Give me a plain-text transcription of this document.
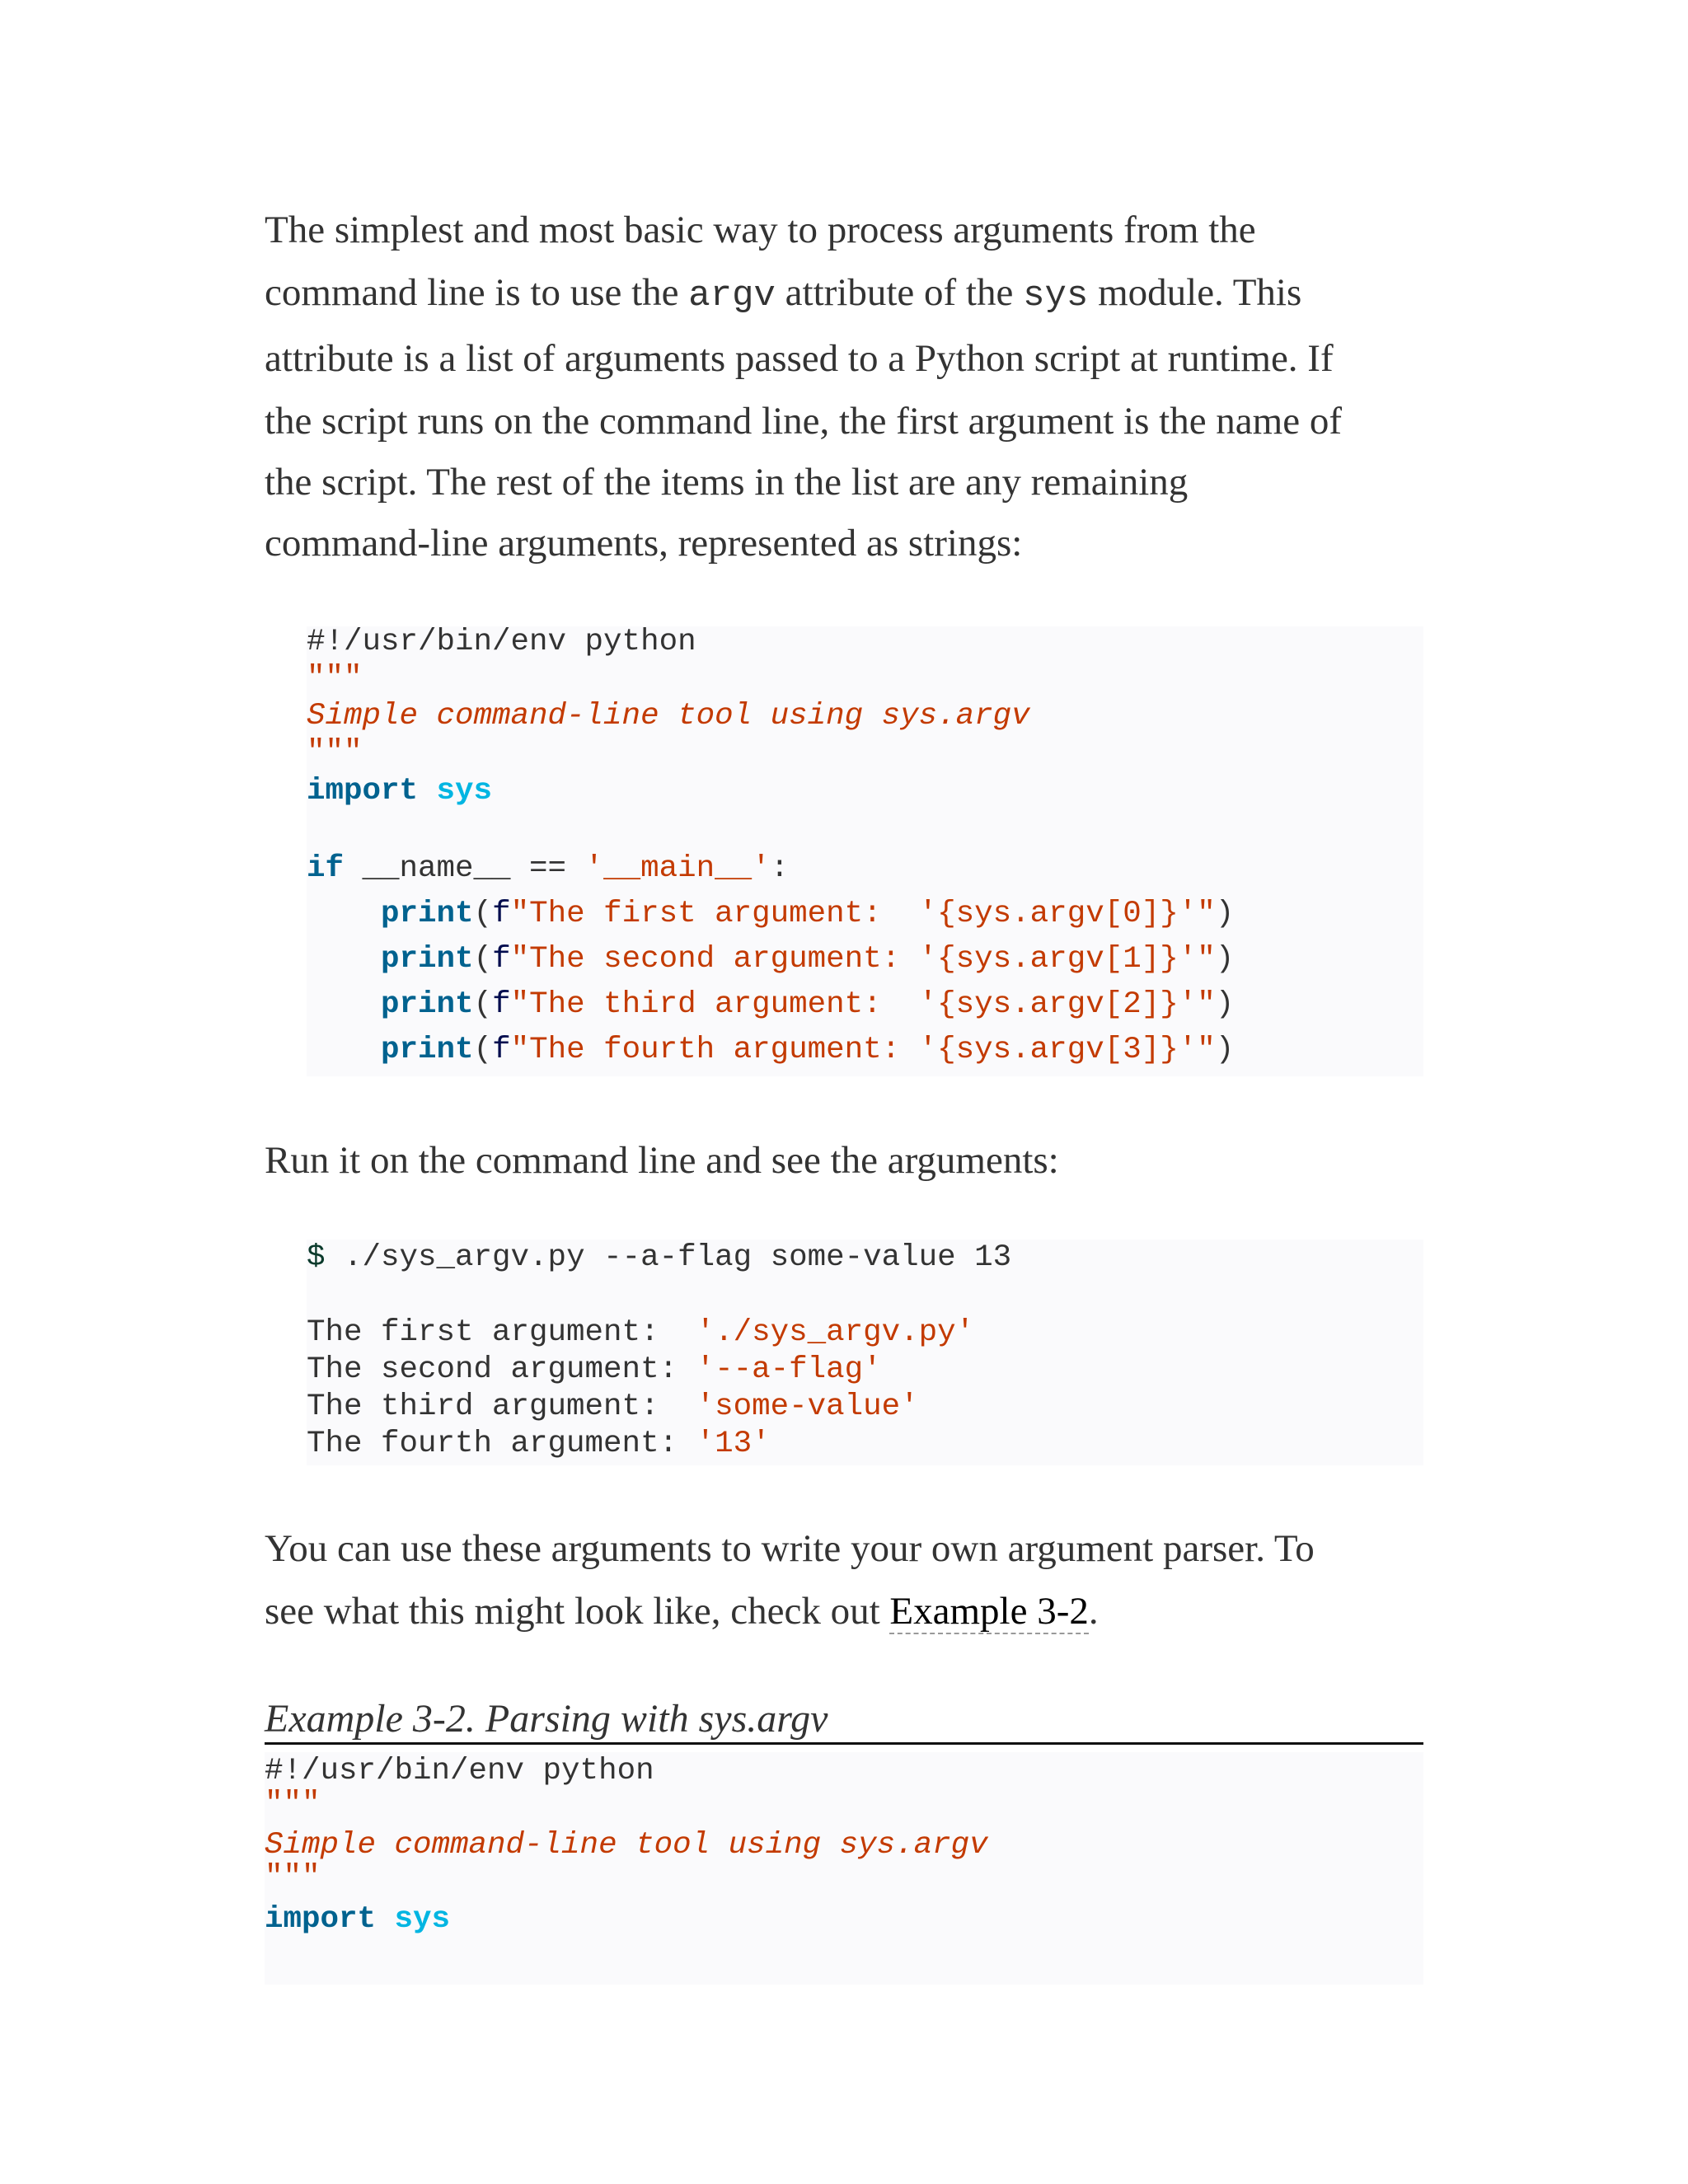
The simplest and most basic way to process arguments from the
command line is to use the argv attribute of the sys module. This
attribute is a list of arguments passed to a Python script at runtime. If
the script runs on the command line, the first argument is the name of
the script. The rest of the items in the list are any remaining
command-line arguments, represented as strings:
#!/usr/bin/env python
"""
Simple command-line tool using sys.argv
"""
import sys
if __name__ == '__main__':
print(f"The first argument:  '{sys.argv[0]}'")
print(f"The second argument: '{sys.argv[1]}'")
print(f"The third argument:  '{sys.argv[2]}'")
print(f"The fourth argument: '{sys.argv[3]}'")
Run it on the command line and see the arguments:
$ ./sys_argv.py --a-flag some-value 13
The first argument:  './sys_argv.py'
The second argument: '--a-flag'
The third argument:  'some-value'
The fourth argument: '13'
You can use these arguments to write your own argument parser. To
see what this might look like, check out Example 3-2.
Example 3-2. Parsing with sys.argv
#!/usr/bin/env python
"""
Simple command-line tool using sys.argv
"""
import sys
